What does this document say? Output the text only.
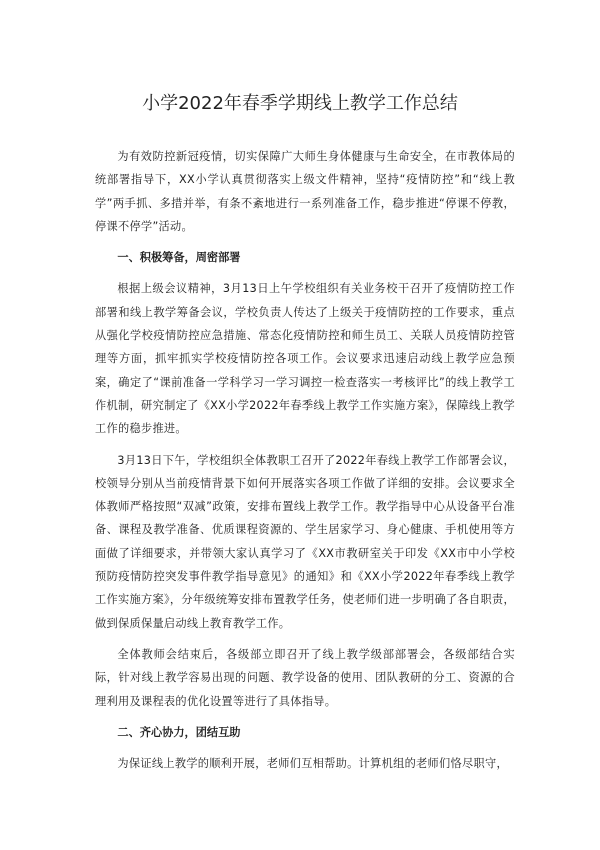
小学2022年春季学期线上教学工作总结

为有效防控新冠疫情，切实保障广大师生身体健康与生命安全，在市教体局的统部署指导下，XX小学认真贯彻落实上级文件精神，坚持“疫情防控”和“线上教学”两手抓、多措并举，有条不紊地进行一系列准备工作，稳步推进“停课不停教，停课不停学”活动。

一、积极筹备，周密部署

根据上级会议精神，3月13日上午学校组织有关业务校干召开了疫情防控工作部署和线上教学筹备会议，学校负责人传达了上级关于疫情防控的工作要求，重点从强化学校疫情防控应急措施、常态化疫情防控和师生员工、关联人员疫情防控管理等方面，抓牢抓实学校疫情防控各项工作。会议要求迅速启动线上教学应急预案，确定了“课前准备一学科学习一学习调控一检查落实一考核评比”的线上教学工作机制，研究制定了《XX小学2022年春季线上教学工作实施方案》，保障线上教学工作的稳步推进。

3月13日下午，学校组织全体教职工召开了2022年春线上教学工作部署会议，校领导分别从当前疫情背景下如何开展落实各项工作做了详细的安排。会议要求全体教师严格按照“双减”政策，安排布置线上教学工作。教学指导中心从设备平台准备、课程及教学准备、优质课程资源的、学生居家学习、身心健康、手机使用等方面做了详细要求，并带领大家认真学习了《XX市教研室关于印发《XX市中小学校预防疫情防控突发事件教学指导意见》的通知》和《XX小学2022年春季线上教学工作实施方案》，分年级统筹安排布置教学任务，使老师们进一步明确了各自职责，做到保质保量启动线上教育教学工作。

全体教师会结束后，各级部立即召开了线上教学级部部署会，各级部结合实际，针对线上教学容易出现的问题、教学设备的使用、团队教研的分工、资源的合理利用及课程表的优化设置等进行了具体指导。

二、齐心协力，团结互助

为保证线上教学的顺利开展，老师们互相帮助。计算机组的老师们恪尽职守，
